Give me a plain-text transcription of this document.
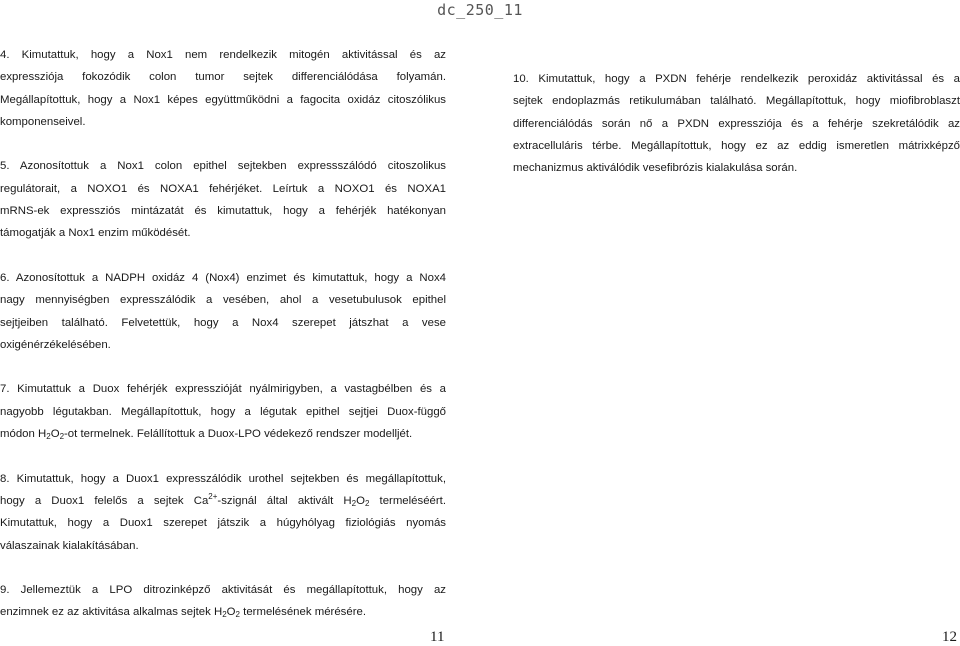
dc_250_11

4. Kimutattuk, hogy a Nox1 nem rendelkezik mitogén aktivitással és az
expressziója fokozódik colon tumor sejtek differenciálódása folyamán.
Megállapítottuk, hogy a Nox1 képes együttműködni a fagocita oxidáz citoszólikus
komponenseivel.

5. Azonosítottuk a Nox1 colon epithel sejtekben expressszálódó citoszolikus
regulátorait, a NOXO1 és NOXA1 fehérjéket. Leírtuk a NOXO1 és NOXA1
mRNS-ek expressziós mintázatát és kimutattuk, hogy a fehérjék hatékonyan
támogatják a Nox1 enzim működését.

6. Azonosítottuk a NADPH oxidáz 4 (Nox4) enzimet és kimutattuk, hogy a Nox4
nagy mennyiségben expresszálódik a vesében, ahol a vesetubulusok epithel
sejtjeiben található. Felvetettük, hogy a Nox4 szerepet játszhat a vese
oxigénérzékelésében.

7. Kimutattuk a Duox fehérjék expresszióját nyálmirigyben, a vastagbélben és a
nagyobb légutakban. Megállapítottuk, hogy a légutak epithel sejtjei Duox-függő
módon $H_2O_2-ot$ termelnek. Felállítottuk a Duox-LPO védekező rendszer modelljét.

8. Kimutattuk, hogy a Duox1 expresszálódik urothel sejtekben és megállapítottuk,
hogy a Duox1 felelős a sejtek $Ca^{2+}$-szignál által aktivált $H_2O_2$ termeléséért.
Kimutattuk, hogy a Duox1 szerepet játszik a húgyhólyag fiziológiás nyomás
válaszainak kialakításában.

9. Jellemeztük a LPO ditrozinképző aktivitását és megállapítottuk, hogy az
enzimnek ez az aktivitása alkalmas sejtek $H_2O_2$ termelésének mérésére.

10. Kimutattuk, hogy a PXDN fehérje rendelkezik peroxidáz aktivitással és a
sejtek endoplazmás retikulumában található. Megállapítottuk, hogy miofibroblaszt
differenciálódás során nő a PXDN expressziója és a fehérje szekretálódik az
extracelluláris térbe. Megállapítottuk, hogy ez az eddig ismeretlen mátrixképző
mechanizmus aktiválódik vesefibrózis kialakulása során.

11	12
